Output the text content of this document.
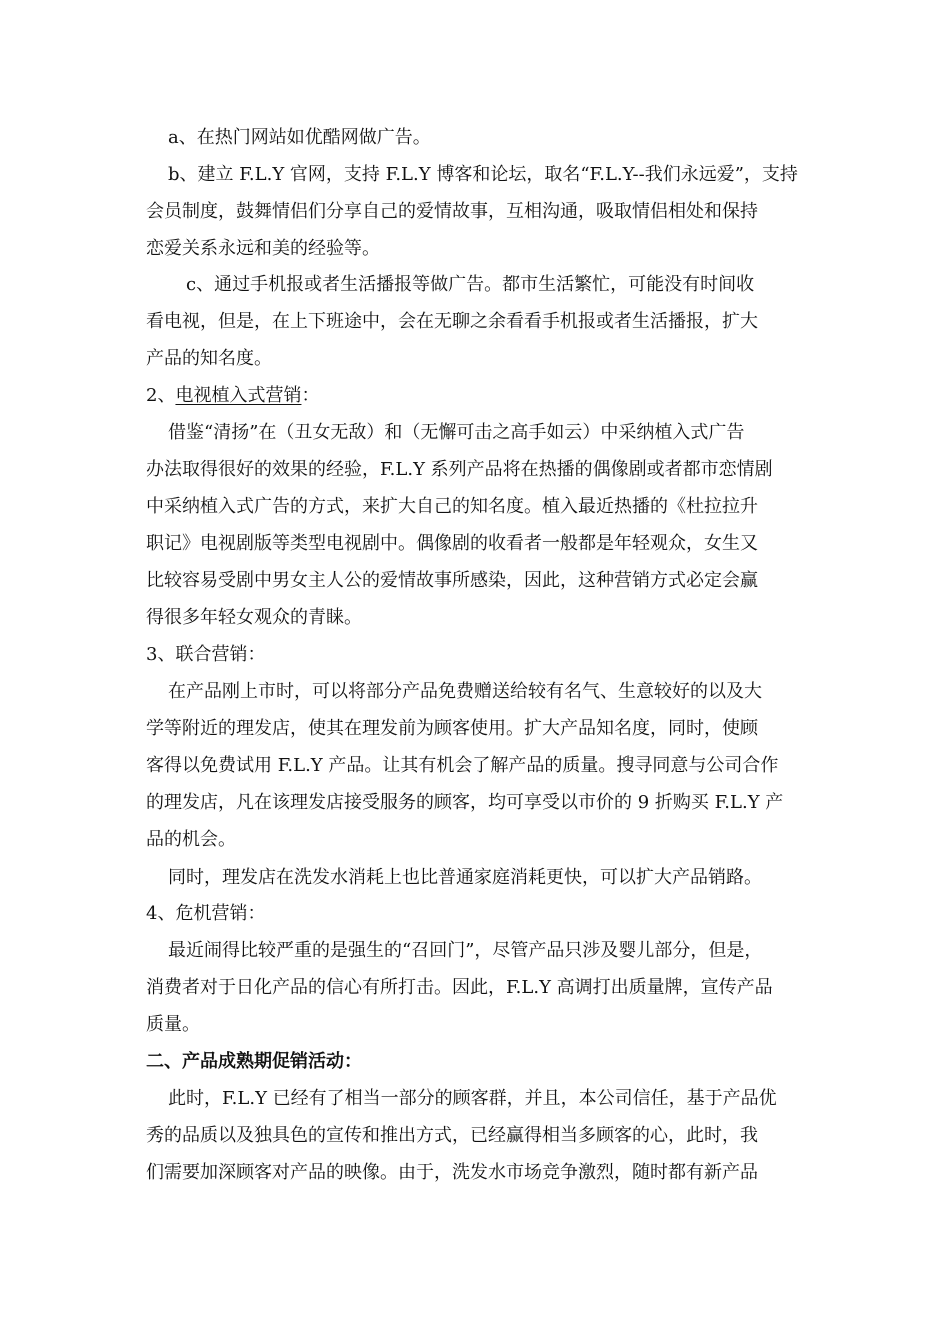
a、在热门网站如优酷网做广告。
b、建立 F.L.Y 官网，支持 F.L.Y 博客和论坛，取名“F.L.Y--我们永远爱”，支持
会员制度，鼓舞情侣们分享自己的爱情故事，互相沟通，吸取情侣相处和保持
恋爱关系永远和美的经验等。
c、通过手机报或者生活播报等做广告。都市生活繁忙，可能没有时间收
看电视，但是，在上下班途中，会在无聊之余看看手机报或者生活播报，扩大
产品的知名度。
2、电视植入式营销：
借鉴“清扬”在（丑女无敌）和（无懈可击之高手如云）中采纳植入式广告
办法取得很好的效果的经验，F.L.Y 系列产品将在热播的偶像剧或者都市恋情剧
中采纳植入式广告的方式，来扩大自己的知名度。植入最近热播的《杜拉拉升
职记》电视剧版等类型电视剧中。偶像剧的收看者一般都是年轻观众，女生又
比较容易受剧中男女主人公的爱情故事所感染，因此，这种营销方式必定会赢
得很多年轻女观众的青睐。
3、联合营销：
在产品刚上市时，可以将部分产品免费赠送给较有名气、生意较好的以及大
学等附近的理发店，使其在理发前为顾客使用。扩大产品知名度，同时，使顾
客得以免费试用 F.L.Y 产品。让其有机会了解产品的质量。搜寻同意与公司合作
的理发店，凡在该理发店接受服务的顾客，均可享受以市价的 9 折购买 F.L.Y 产
品的机会。
同时，理发店在洗发水消耗上也比普通家庭消耗更快，可以扩大产品销路。
4、危机营销：
最近闹得比较严重的是强生的“召回门”，尽管产品只涉及婴儿部分，但是，
消费者对于日化产品的信心有所打击。因此，F.L.Y 高调打出质量牌，宣传产品
质量。
二、产品成熟期促销活动：
此时，F.L.Y 已经有了相当一部分的顾客群，并且，本公司信任，基于产品优
秀的品质以及独具色的宣传和推出方式，已经赢得相当多顾客的心，此时，我
们需要加深顾客对产品的映像。由于，洗发水市场竞争激烈，随时都有新产品
